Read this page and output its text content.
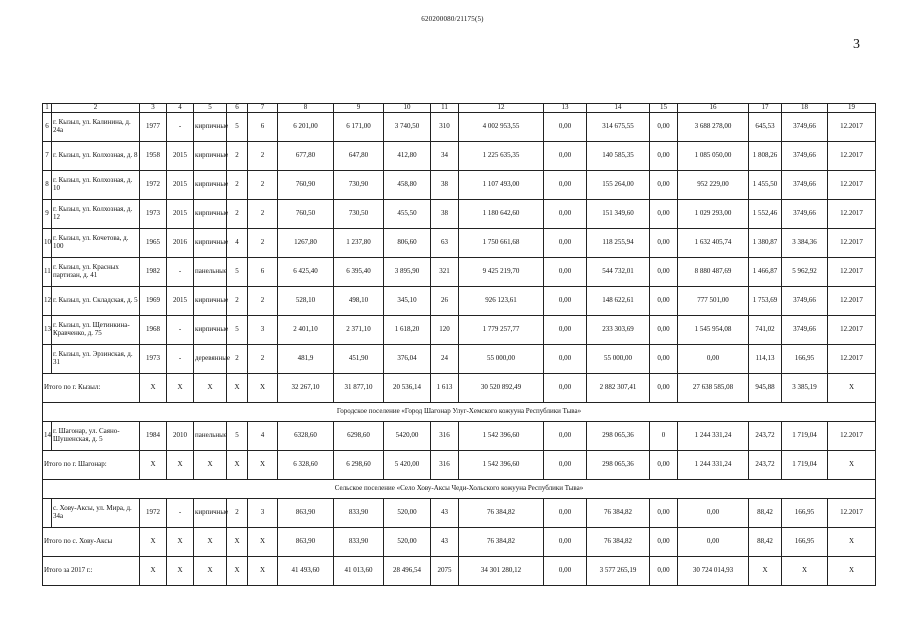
620200080/21175(5)
3
1	2	3	4	5	6	7	8	9	10	11	12	13	14	15	16	17	18	19
6	г. Кызыл, ул. Калинина, д. 24а	1977	-	кирпичные	5	6	6 201,00	6 171,00	3 740,50	310	4 002 953,55	0,00	314 675,55	0,00	3 688 278,00	645,53	3749,66	12.2017
7	г. Кызыл, ул. Колхозная, д. 8	1958	2015	кирпичные	2	2	677,80	647,80	412,80	34	1 225 635,35	0,00	140 585,35	0,00	1 085 050,00	1 808,26	3749,66	12.2017
8	г. Кызыл, ул. Колхозная, д. 10	1972	2015	кирпичные	2	2	760,90	730,90	458,80	38	1 107 493,00	0,00	155 264,00	0,00	952 229,00	1 455,50	3749,66	12.2017
9	г. Кызыл, ул. Колхозная, д. 12	1973	2015	кирпичные	2	2	760,50	730,50	455,50	38	1 180 642,60	0,00	151 349,60	0,00	1 029 293,00	1 552,46	3749,66	12.2017
10	г. Кызыл, ул. Кочетова, д. 100	1965	2016	кирпичные	4	2	1267,80	1 237,80	806,60	63	1 750 661,68	0,00	118 255,94	0,00	1 632 405,74	1 380,87	3 384,36	12.2017
11	г. Кызыл, ул. Красных партизан, д. 41	1982	-	панельные	5	6	6 425,40	6 395,40	3 895,90	321	9 425 219,70	0,00	544 732,01	0,00	8 880 487,69	1 466,87	5 962,92	12.2017
12	г. Кызыл, ул. Складская, д. 5	1969	2015	кирпичные	2	2	528,10	498,10	345,10	26	926 123,61	0,00	148 622,61	0,00	777 501,00	1 753,69	3749,66	12.2017
13	г. Кызыл, ул. Щетинкина-Кравченко, д. 75	1968	-	кирпичные	5	3	2 401,10	2 371,10	1 618,20	120	1 779 257,77	0,00	233 303,69	0,00	1 545 954,08	741,02	3749,66	12.2017
	г. Кызыл, ул. Эрзинская, д. 31	1973	-	деревянные	2	2	481,9	451,90	376,04	24	55 000,00	0,00	55 000,00	0,00	0,00	114,13	166,95	12.2017
Итого по г. Кызыл:		X	X	X	X	X	32 267,10	31 877,10	20 536,14	1 613	30 520 892,49	0,00	2 882 307,41	0,00	27 638 585,08	945,88	3 385,19	X
Городское поселение «Город Шагонар Улуг-Хемского кожууна Республики Тыва»																		
14	г. Шагонар, ул. Саяно-Шушенская, д. 5	1984	2010	панельные	5	4	6328,60	6298,60	5420,00	316	1 542 396,60	0,00	298 065,36	0	1 244 331,24	243,72	1 719,04	12.2017
Итого по г. Шагонар:		X	X	X	X	X	6 328,60	6 298,60	5 420,00	316	1 542 396,60	0,00	298 065,36	0,00	1 244 331,24	243,72	1 719,04	X
Сельское поселение «Село Хову-Аксы Чеди-Хольского кожууна Республики Тыва»																		
	с. Хову-Аксы, ул. Мира, д. 34а	1972	-	кирпичные	2	3	863,90	833,90	520,00	43	76 384,82	0,00	76 384,82	0,00	0,00	88,42	166,95	12.2017
Итого по с. Хову-Аксы		X	X	X	X	X	863,90	833,90	520,00	43	76 384,82	0,00	76 384,82	0,00	0,00	88,42	166,95	X
Итого за 2017 г.:		X	X	X	X	X	41 493,60	41 013,60	28 496,54	2075	34 301 280,12	0,00	3 577 265,19	0,00	30 724 014,93	X	X	X
